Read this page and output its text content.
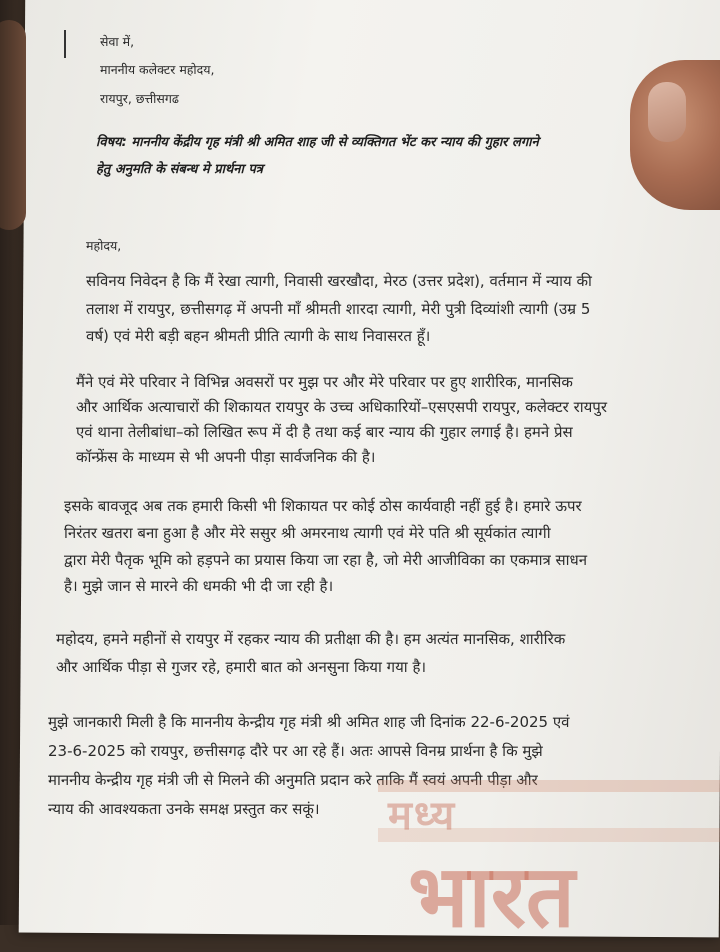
सेवा में,
माननीय कलेक्टर महोदय,
रायपुर, छत्तीसगढ
विषय: माननीय केंद्रीय गृह मंत्री श्री अमित शाह जी से व्यक्तिगत भेंट कर न्याय की गुहार लगाने
हेतु अनुमति के संबन्ध मे प्रार्थना पत्र
महोदय,
सविनय निवेदन है कि मैं रेखा त्यागी, निवासी खरखौदा, मेरठ (उत्तर प्रदेश), वर्तमान में न्याय की
तलाश में रायपुर, छत्तीसगढ़ में अपनी माँ श्रीमती शारदा त्यागी, मेरी पुत्री दिव्यांशी त्यागी (उम्र 5
वर्ष) एवं मेरी बड़ी बहन श्रीमती प्रीति त्यागी के साथ निवासरत हूँ।
मैंने एवं मेरे परिवार ने विभिन्न अवसरों पर मुझ पर और मेरे परिवार पर हुए शारीरिक, मानसिक
और आर्थिक अत्याचारों की शिकायत रायपुर के उच्च अधिकारियों–एसएसपी रायपुर, कलेक्टर रायपुर
एवं थाना तेलीबांधा–को लिखित रूप में दी है तथा कई बार न्याय की गुहार लगाई है। हमने प्रेस
कॉन्फ्रेंस के माध्यम से भी अपनी पीड़ा सार्वजनिक की है।
इसके बावजूद अब तक हमारी किसी भी शिकायत पर कोई ठोस कार्यवाही नहीं हुई है। हमारे ऊपर
निरंतर खतरा बना हुआ है और मेरे ससुर श्री अमरनाथ त्यागी एवं मेरे पति श्री सूर्यकांत त्यागी
द्वारा मेरी पैतृक भूमि को हड़पने का प्रयास किया जा रहा है, जो मेरी आजीविका का एकमात्र साधन
है। मुझे जान से मारने की धमकी भी दी जा रही है।
महोदय, हमने महीनों से रायपुर में रहकर न्याय की प्रतीक्षा की है। हम अत्यंत मानसिक, शारीरिक
और आर्थिक पीड़ा से गुजर रहे, हमारी बात को अनसुना किया गया है।
मुझे जानकारी मिली है कि माननीय केन्द्रीय गृह मंत्री श्री अमित शाह जी दिनांक 22-6-2025 एवं
23-6-2025 को रायपुर, छत्तीसगढ़ दौरे पर आ रहे हैं। अतः आपसे विनम्र प्रार्थना है कि मुझे
माननीय केन्द्रीय गृह मंत्री जी से मिलने की अनुमति प्रदान करे ताकि मैं स्वयं अपनी पीड़ा और
न्याय की आवश्यकता उनके समक्ष प्रस्तुत कर सकूं। मध्य
भारत
